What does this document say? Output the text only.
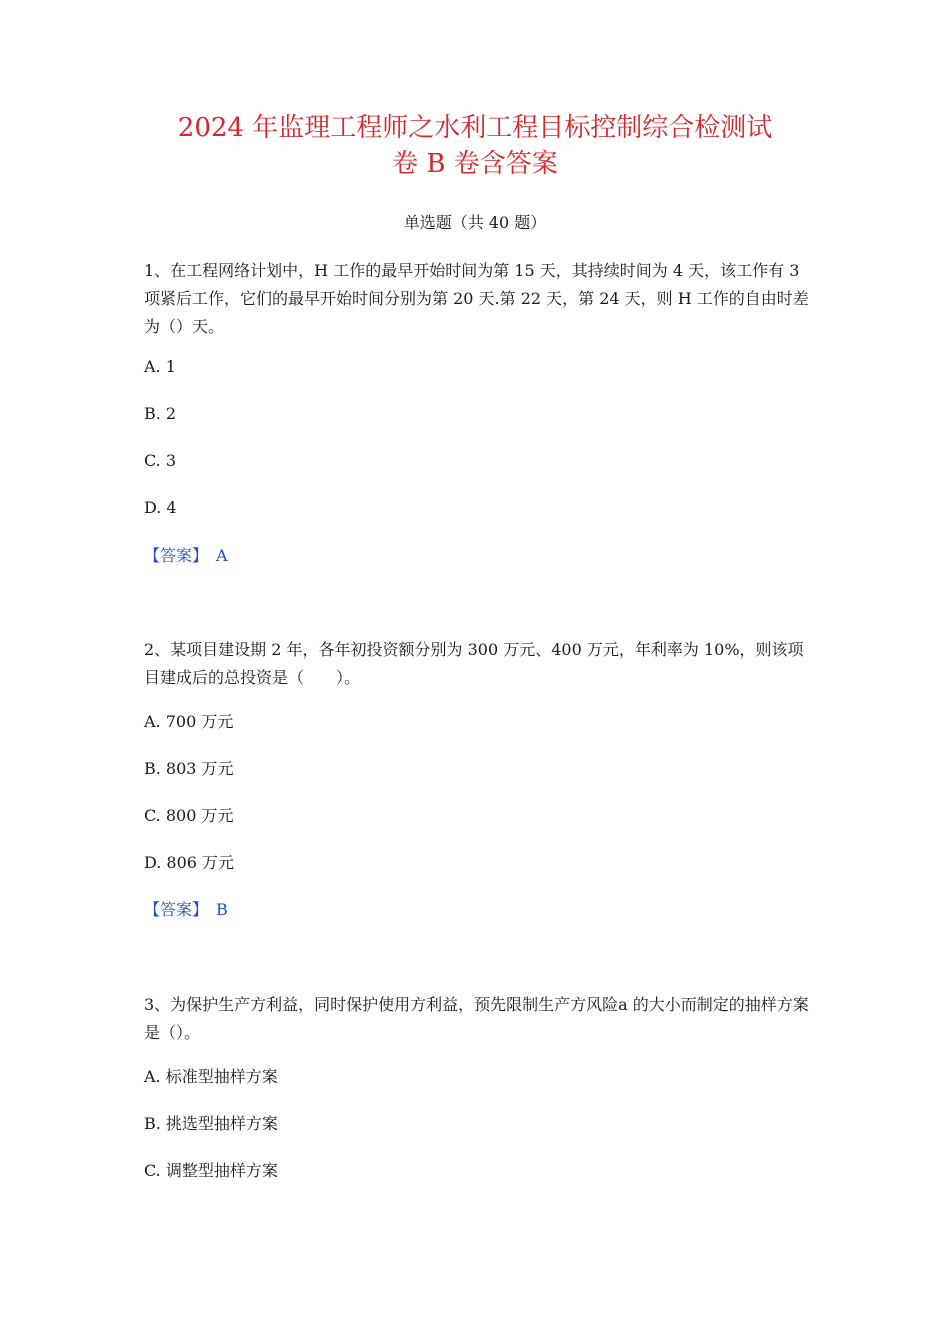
2024 年监理工程师之水利工程目标控制综合检测试
卷 B 卷含答案
单选题（共 40 题）
1、在工程网络计划中，H 工作的最早开始时间为第 15 天，其持续时间为 4 天，该工作有 3 项紧后工作，它们的最早开始时间分别为第 20 天.第 22 天，第 24 天，则 H 工作的自由时差为（）天。
A. 1
B. 2
C. 3
D. 4
【答案】 A
2、某项目建设期 2 年，各年初投资额分别为 300 万元、400 万元，年利率为 10%，则该项目建成后的总投资是（　　）。
A. 700 万元
B. 803 万元
C. 800 万元
D. 806 万元
【答案】 B
3、为保护生产方利益，同时保护使用方利益，预先限制生产方风险a 的大小而制定的抽样方案是（）。
A. 标准型抽样方案
B. 挑选型抽样方案
C. 调整型抽样方案
